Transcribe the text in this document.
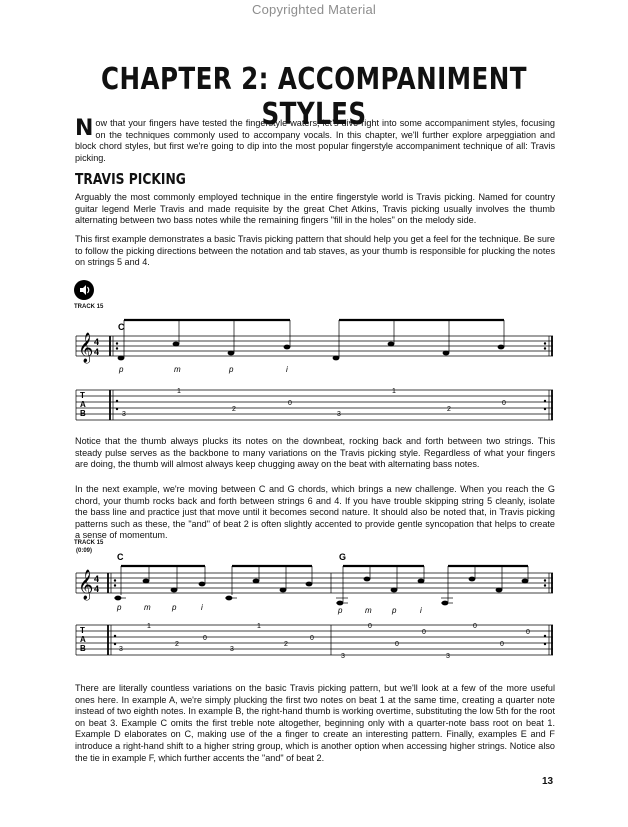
Copyrighted Material
CHAPTER 2: ACCOMPANIMENT STYLES

Now that your fingers have tested the fingerstyle waters, let's dive right into some accompaniment styles, focusing on the techniques commonly used to accompany vocals. In this chapter, we'll further explore arpeggiation and block chord styles, but first we're going to dip into the most popular fingerstyle accompaniment technique of all: Travis picking.

TRAVIS PICKING

Arguably the most commonly employed technique in the entire fingerstyle world is Travis picking. Named for country guitar legend Merle Travis and made requisite by the great Chet Atkins, Travis picking usually involves the thumb alternating between two bass notes while the remaining fingers "fill in the holes" on the melody side.

This first example demonstrates a basic Travis picking pattern that should help you get a feel for the technique. Be sure to follow the picking directions between the notation and tab staves, as your thumb is responsible for plucking the notes on strings 5 and 4.

TRACK 15
𝄞 4
4
C
p	m	p	i
T
A
B	3
1
2
0
3
1
2
0

Notice that the thumb always plucks its notes on the downbeat, rocking back and forth between two strings. This steady pulse serves as the backbone to many variations on the Travis picking style. Regardless of what your fingers are doing, the thumb will almost always keep chugging away on the beat with alternating bass notes.

In the next example, we're moving between C and G chords, which brings a new challenge. When you reach the G chord, your thumb rocks back and forth between strings 6 and 4. If you have trouble skipping string 5 cleanly, isolate the bass line and practice just that move until it becomes second nature. It should also be noted that, in Travis picking patterns such as these, the "and" of beat 2 is often slightly accented to provide gentle syncopation that helps to create a sense of momentum.

TRACK 15
(0:09)
𝄞 4
4
C	G
p	m	p	i	p	m	p	i
T
A
B	3
1
2
0
3
1
2
0
3
0
0
0
3
0
0
0

There are literally countless variations on the basic Travis picking pattern, but we'll look at a few of the more useful ones here. In example A, we're simply plucking the first two notes on beat 1 at the same time, creating a quarter note instead of two eighth notes. In example B, the right-hand thumb is working overtime, substituting the low 5th for the root on beat 3. Example C omits the first treble note altogether, beginning only with a quarter-note bass root on beat 1. Example D elaborates on C, making use of the a finger to create an interesting pattern. Finally, examples E and F introduce a right-hand shift to a higher string group, which is another option when accessing higher strings. Notice also the tie in example F, which further accents the "and" of beat 2.

13
